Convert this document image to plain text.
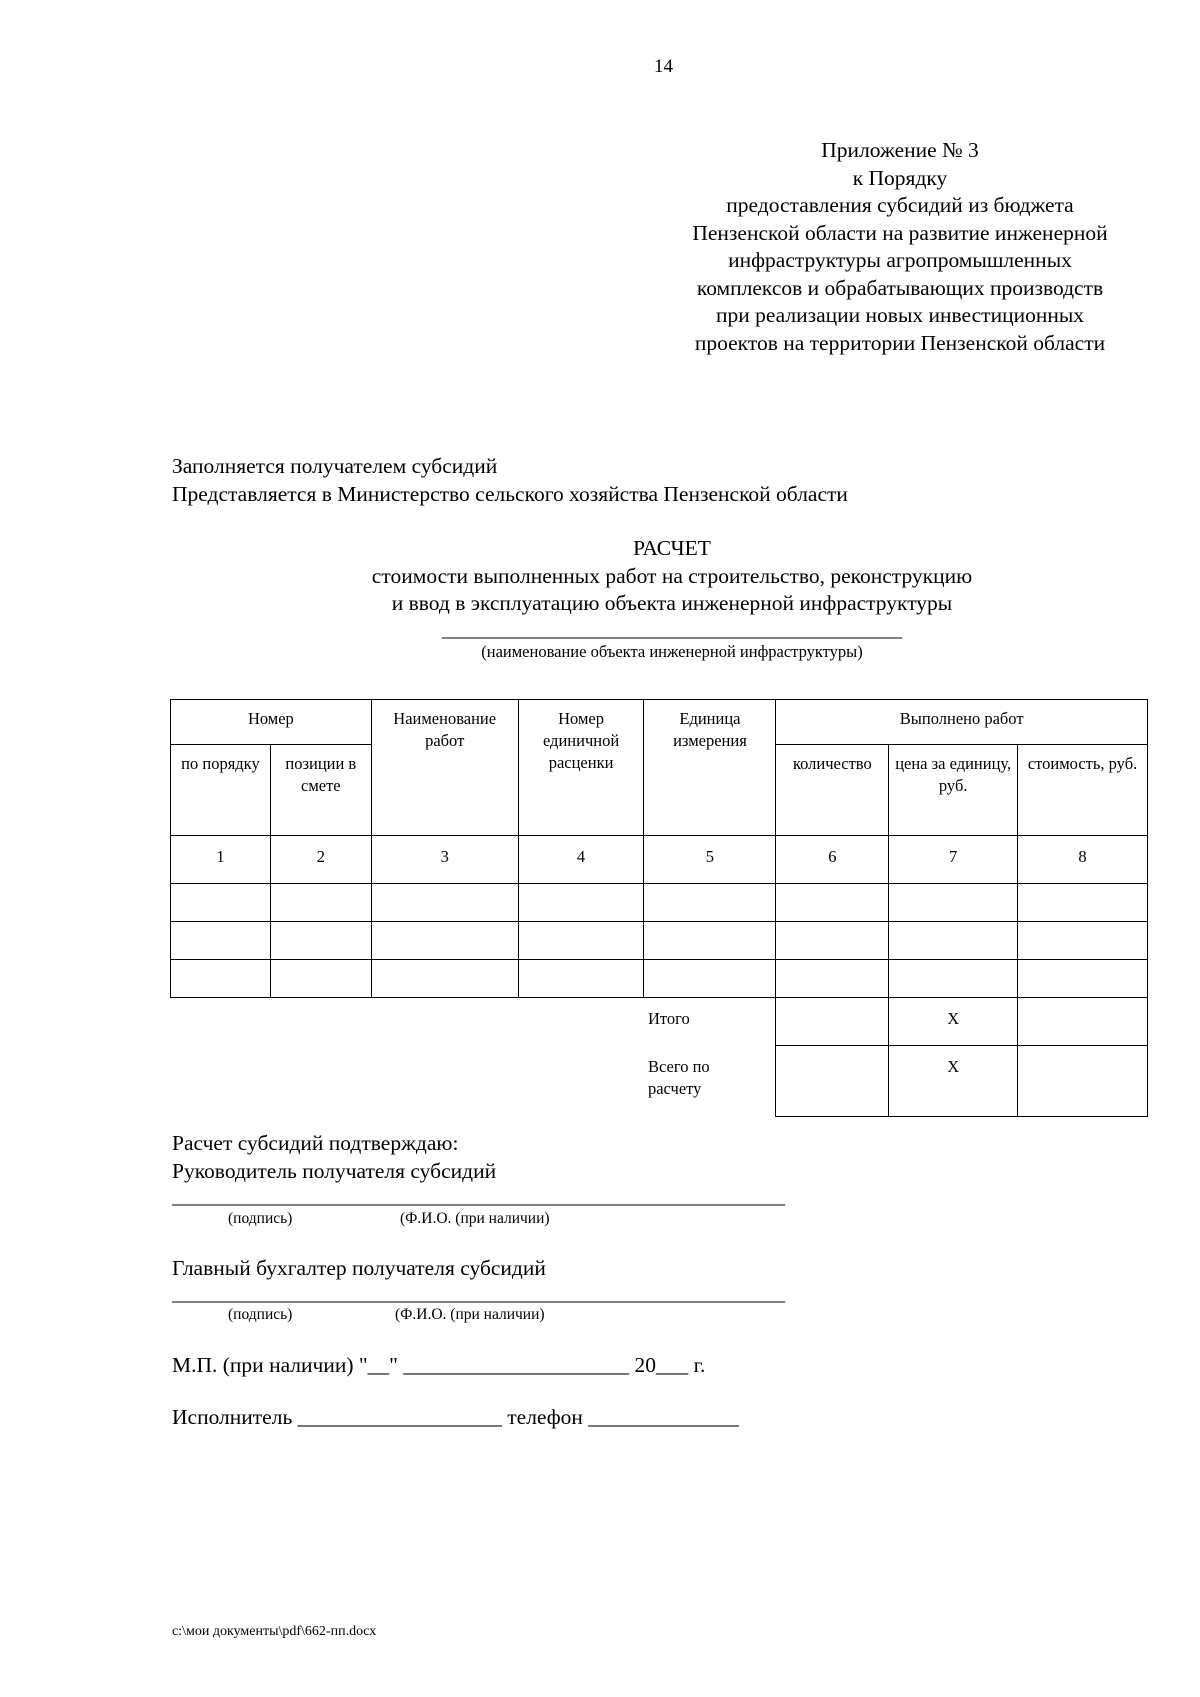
14
Приложение № 3
к Порядку
предоставления субсидий из бюджета
Пензенской области на развитие инженерной
инфраструктуры агропромышленных
комплексов и обрабатывающих производств
при реализации новых инвестиционных
проектов на территории Пензенской области
Заполняется получателем субсидий
Представляется в Министерство сельского хозяйства Пензенской области
РАСЧЕТ
стоимости выполненных работ на строительство, реконструкцию
и ввод в эксплуатацию объекта инженерной инфраструктуры
______________________________________________
(наименование объекта инженерной инфраструктуры)
Номер		Наименование работ	Номер единичной расценки	Единица измерения	Выполнено работ		
по порядку	позиции в смете				количество	цена за единицу, руб.	стоимость, руб.
1	2	3	4	5	6	7	8

				Итого		X	

				Всего по расчету		X	
Расчет субсидий подтверждаю:
Руководитель получателя субсидий
____________________________________________________________________
(подпись)	(Ф.И.О. (при наличии)
Главный бухгалтер получателя субсидий
____________________________________________________________________
(подпись)	(Ф.И.О. (при наличии)
М.П. (при наличии) "__" _____________________ 20___ г.
Исполнитель ___________________ телефон ______________
c:\мои документы\pdf\662-пп.docx
